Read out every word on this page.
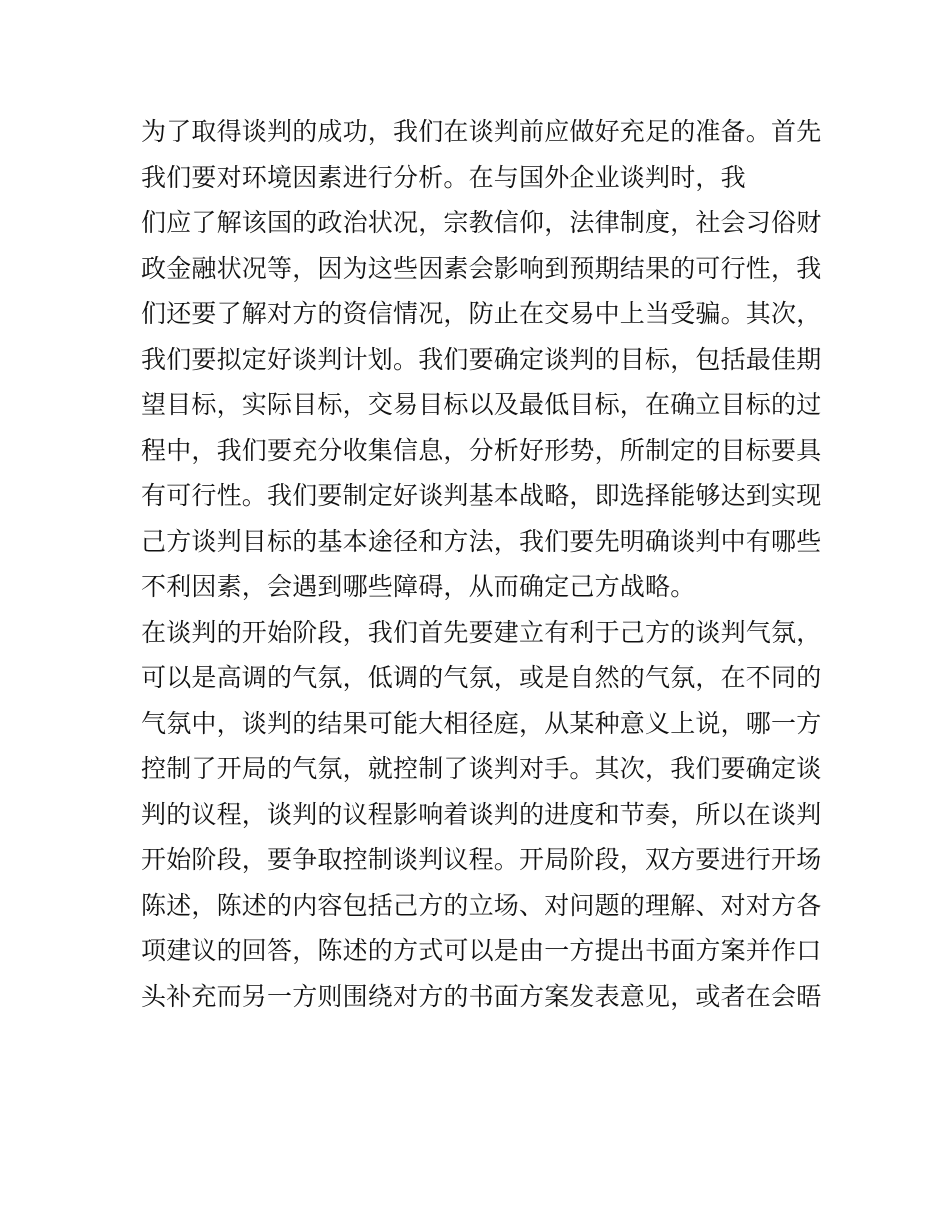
为了取得谈判的成功，我们在谈判前应做好充足的准备。首先
我们要对环境因素进行分析。在与国外企业谈判时，我
们应了解该国的政治状况，宗教信仰，法律制度，社会习俗财
政金融状况等，因为这些因素会影响到预期结果的可行性，我
们还要了解对方的资信情况，防止在交易中上当受骗。其次，
我们要拟定好谈判计划。我们要确定谈判的目标，包括最佳期
望目标，实际目标，交易目标以及最低目标，在确立目标的过
程中，我们要充分收集信息，分析好形势，所制定的目标要具
有可行性。我们要制定好谈判基本战略，即选择能够达到实现
己方谈判目标的基本途径和方法，我们要先明确谈判中有哪些
不利因素，会遇到哪些障碍，从而确定己方战略。
在谈判的开始阶段，我们首先要建立有利于己方的谈判气氛，
可以是高调的气氛，低调的气氛，或是自然的气氛，在不同的
气氛中，谈判的结果可能大相径庭，从某种意义上说，哪一方
控制了开局的气氛，就控制了谈判对手。其次，我们要确定谈
判的议程，谈判的议程影响着谈判的进度和节奏，所以在谈判
开始阶段，要争取控制谈判议程。开局阶段，双方要进行开场
陈述，陈述的内容包括己方的立场、对问题的理解、对对方各
项建议的回答，陈述的方式可以是由一方提出书面方案并作口
头补充而另一方则围绕对方的书面方案发表意见，或者在会晤
